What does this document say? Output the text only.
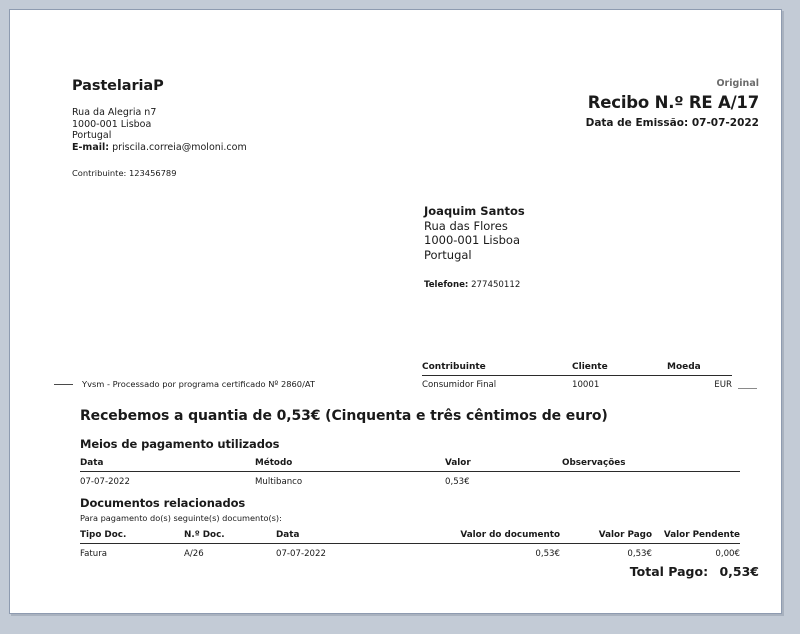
PastelariaP
Rua da Alegria n7
1000-001 Lisboa
Portugal
E-mail: priscila.correia@moloni.com
Contribuinte: 123456789
Original
Recibo N.º RE A/17
Data de Emissão: 07-07-2022
Joaquim Santos
Rua das Flores
1000-001 Lisboa
Portugal
Telefone: 277450112
Yvsm - Processado por programa certificado Nº 2860/AT
Contribuinte	Cliente	Moeda
Consumidor Final	10001	EUR
Recebemos a quantia de 0,53€ (Cinquenta e três cêntimos de euro)
Meios de pagamento utilizados
Data	Método	Valor	Observações
07-07-2022	Multibanco	0,53€	
Documentos relacionados
Para pagamento do(s) seguinte(s) documento(s):
Tipo Doc.	N.º Doc.	Data	Valor do documento	Valor Pago	Valor Pendente
Fatura	A/26	07-07-2022	0,53€	0,53€	0,00€
Total Pago: 0,53€
